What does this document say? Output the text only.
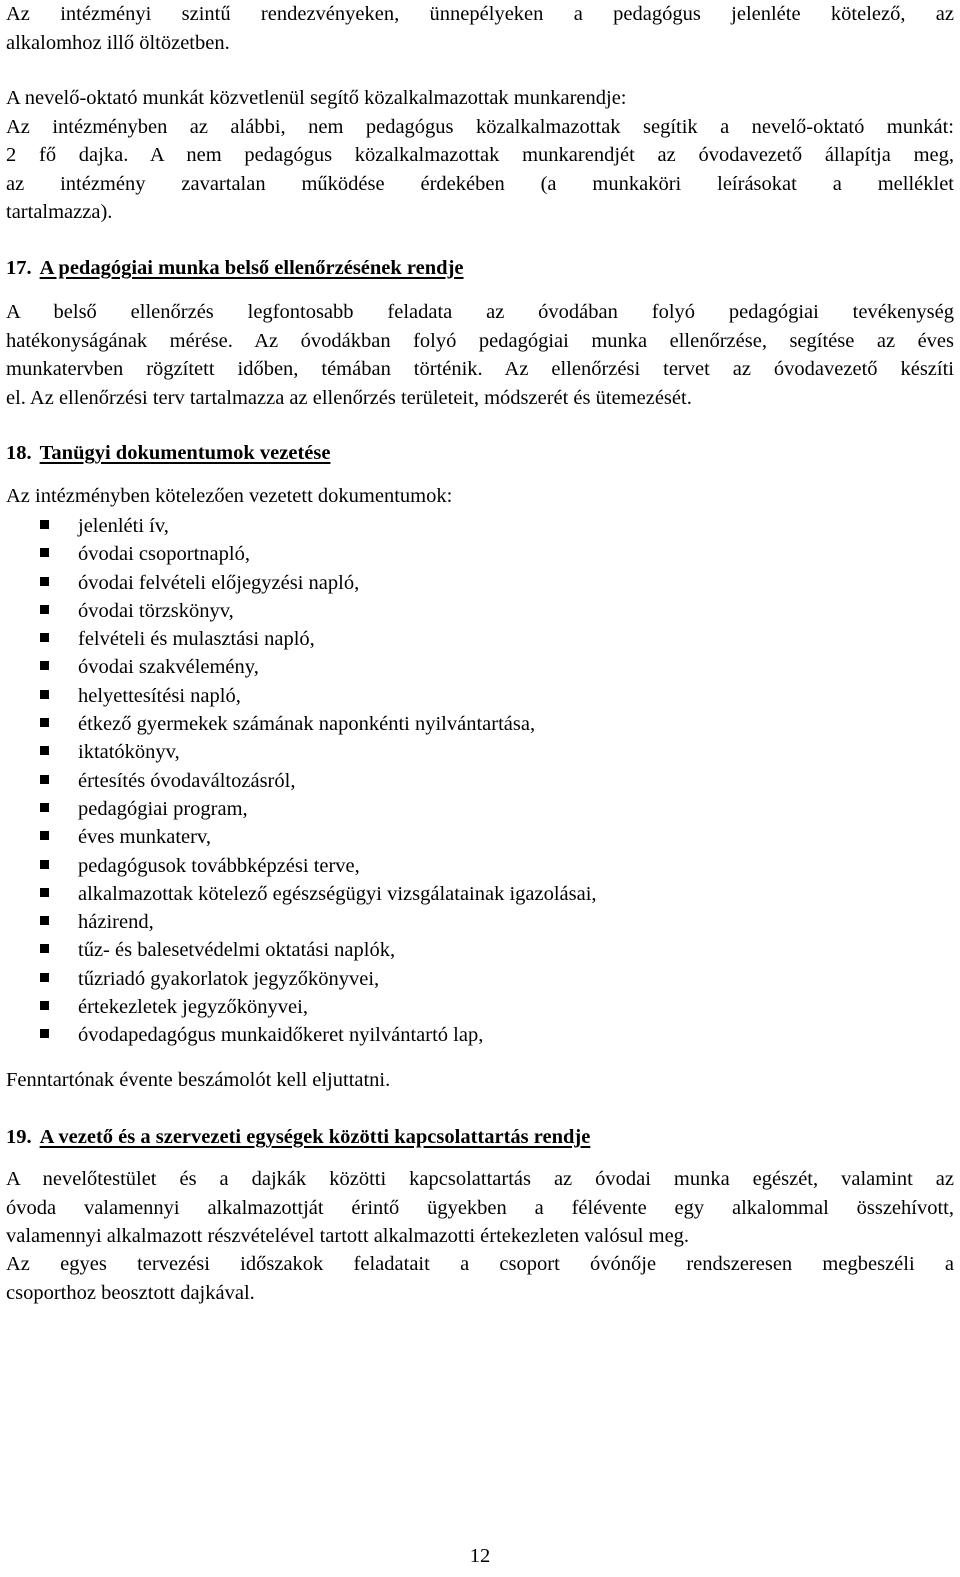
Az intézményi szintű rendezvényeken, ünnepélyeken a pedagógus jelenléte kötelező, az
alkalomhoz illő öltözetben.
A nevelő-oktató munkát közvetlenül segítő közalkalmazottak munkarendje:
Az intézményben az alábbi, nem pedagógus közalkalmazottak segítik a nevelő-oktató munkát:
2 fő dajka. A nem pedagógus közalkalmazottak munkarendjét az óvodavezető állapítja meg,
az intézmény zavartalan működése érdekében (a munkaköri leírásokat a melléklet
tartalmazza).
17. A pedagógiai munka belső ellenőrzésének rendje
A belső ellenőrzés legfontosabb feladata az óvodában folyó pedagógiai tevékenység
hatékonyságának mérése. Az óvodákban folyó pedagógiai munka ellenőrzése, segítése az éves
munkatervben rögzített időben, témában történik. Az ellenőrzési tervet az óvodavezető készíti
el. Az ellenőrzési terv tartalmazza az ellenőrzés területeit, módszerét és ütemezését.
18. Tanügyi dokumentumok vezetése
Az intézményben kötelezően vezetett dokumentumok:
jelenléti ív,
óvodai csoportnapló,
óvodai felvételi előjegyzési napló,
óvodai törzskönyv,
felvételi és mulasztási napló,
óvodai szakvélemény,
helyettesítési napló,
étkező gyermekek számának naponkénti nyilvántartása,
iktatókönyv,
értesítés óvodaváltozásról,
pedagógiai program,
éves munkaterv,
pedagógusok továbbképzési terve,
alkalmazottak kötelező egészségügyi vizsgálatainak igazolásai,
házirend,
tűz- és balesetvédelmi oktatási naplók,
tűzriadó gyakorlatok jegyzőkönyvei,
értekezletek jegyzőkönyvei,
óvodapedagógus munkaidőkeret nyilvántartó lap,
Fenntartónak évente beszámolót kell eljuttatni.
19. A vezető és a szervezeti egységek közötti kapcsolattartás rendje
A nevelőtestület és a dajkák közötti kapcsolattartás az óvodai munka egészét, valamint az
óvoda valamennyi alkalmazottját érintő ügyekben a félévente egy alkalommal összehívott,
valamennyi alkalmazott részvételével tartott alkalmazotti értekezleten valósul meg.
Az egyes tervezési időszakok feladatait a csoport óvónője rendszeresen megbeszéli a
csoporthoz beosztott dajkával.
12
